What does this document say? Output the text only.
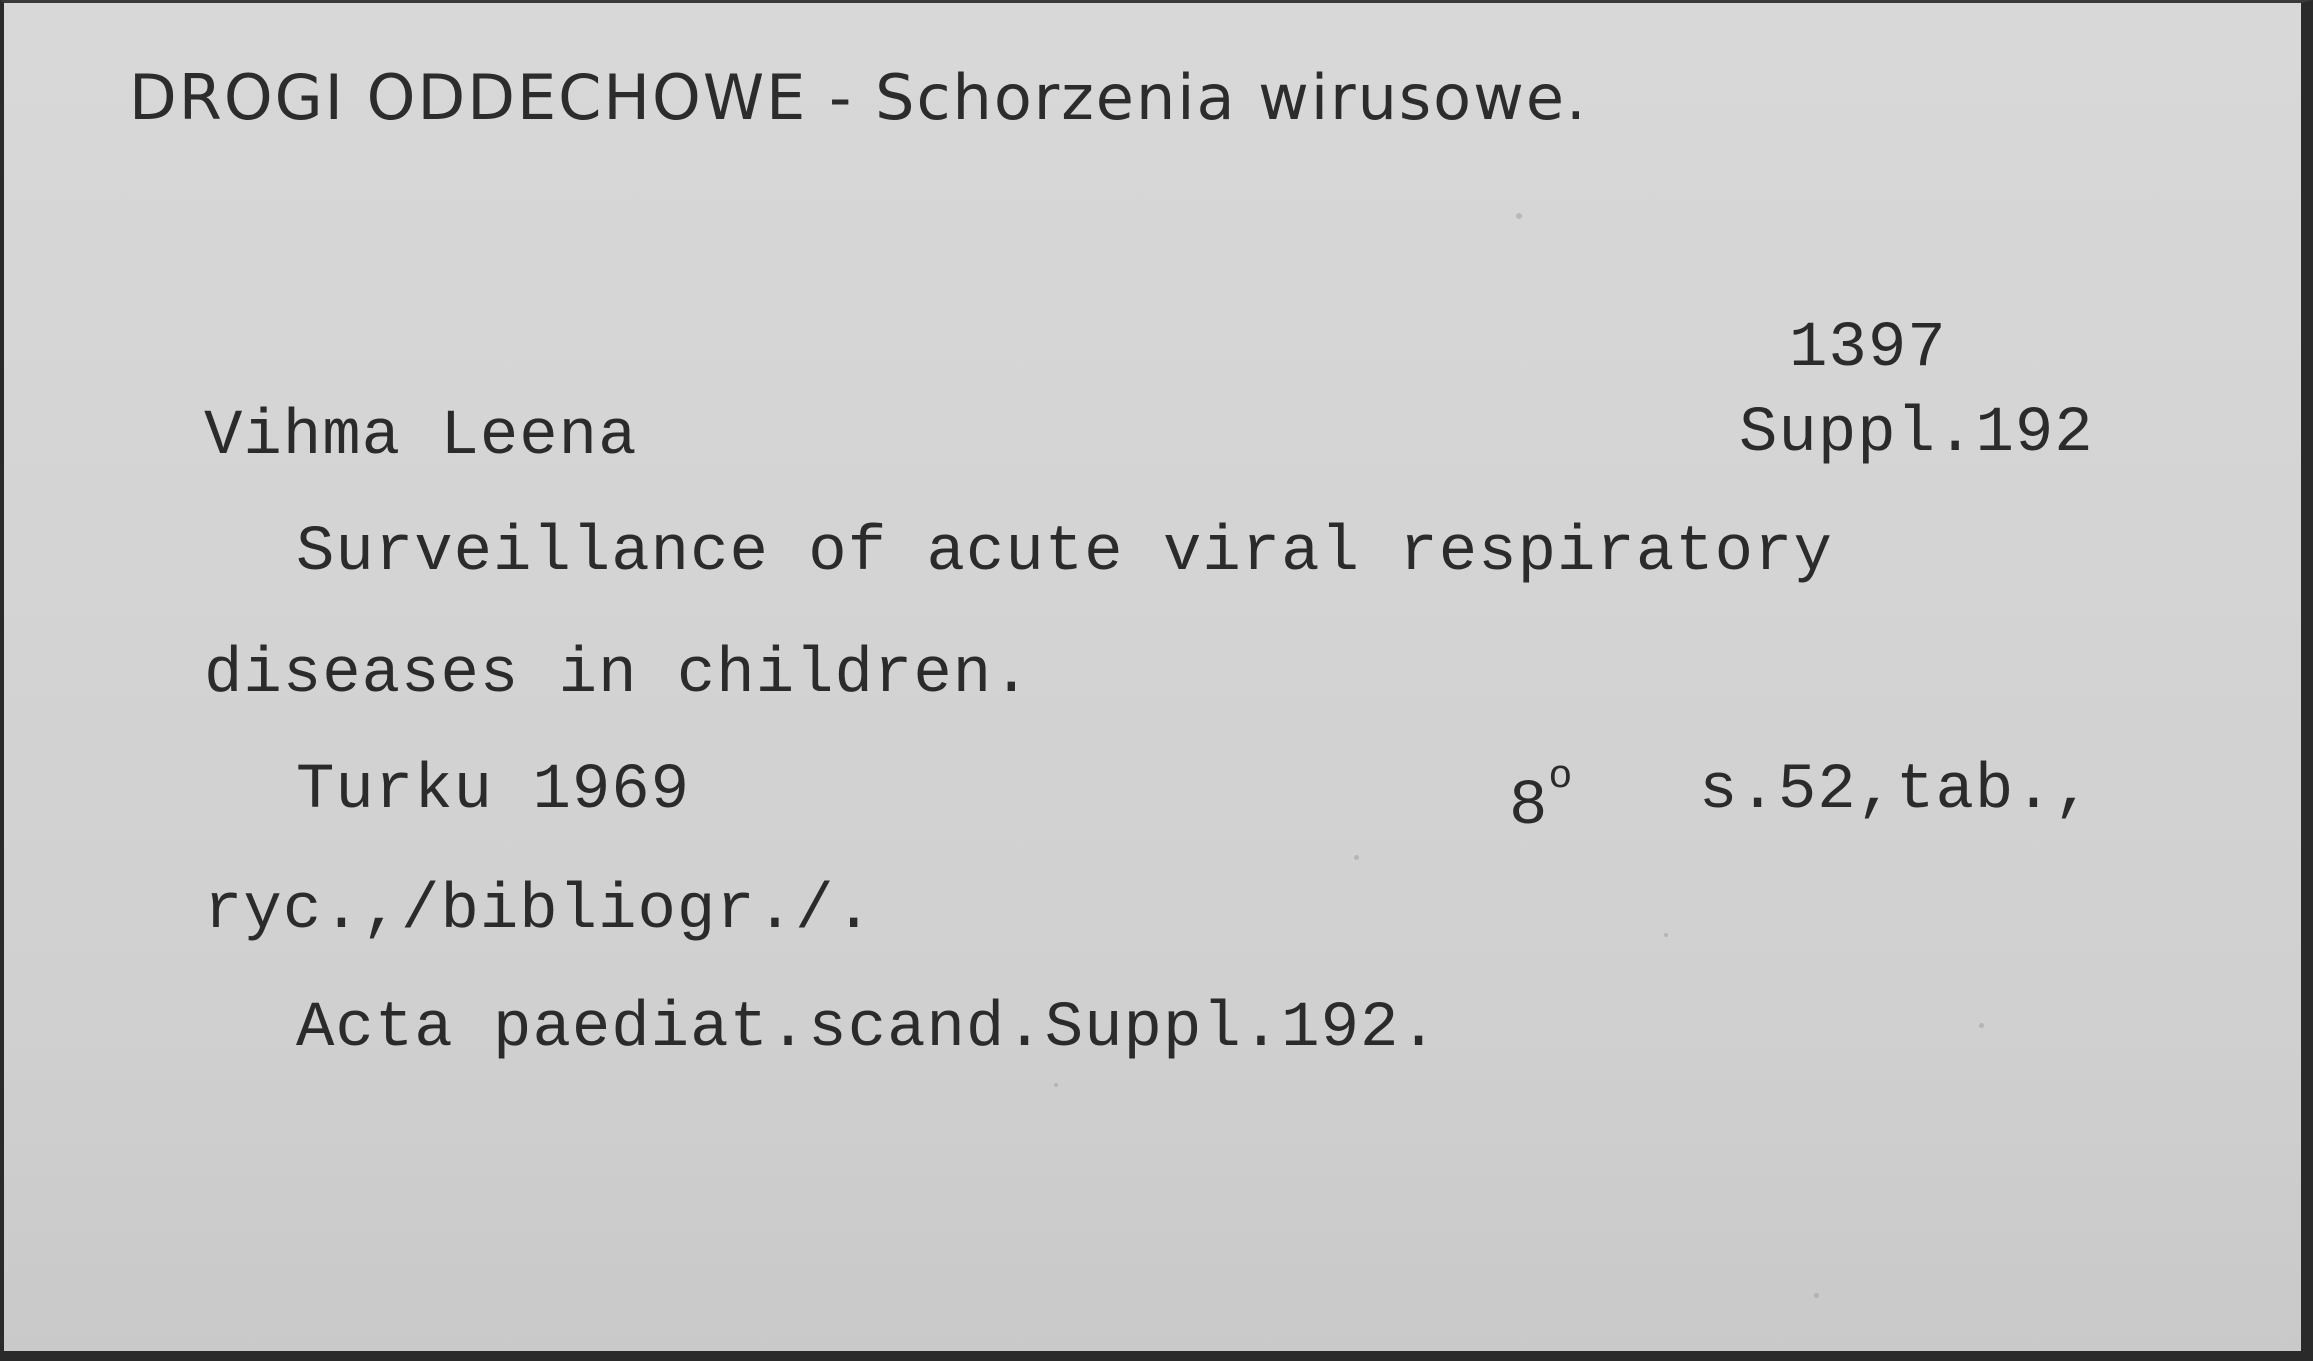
DROGI ODDECHOWE - Schorzenia wirusowe.
1397
Suppl.192
Vihma Leena
Surveillance of acute viral respiratory
diseases in children.
Turku 1969	8$^o$ s.52,tab.,
ryc.,/bibliogr./.
Acta paediat.scand.Suppl.192.
